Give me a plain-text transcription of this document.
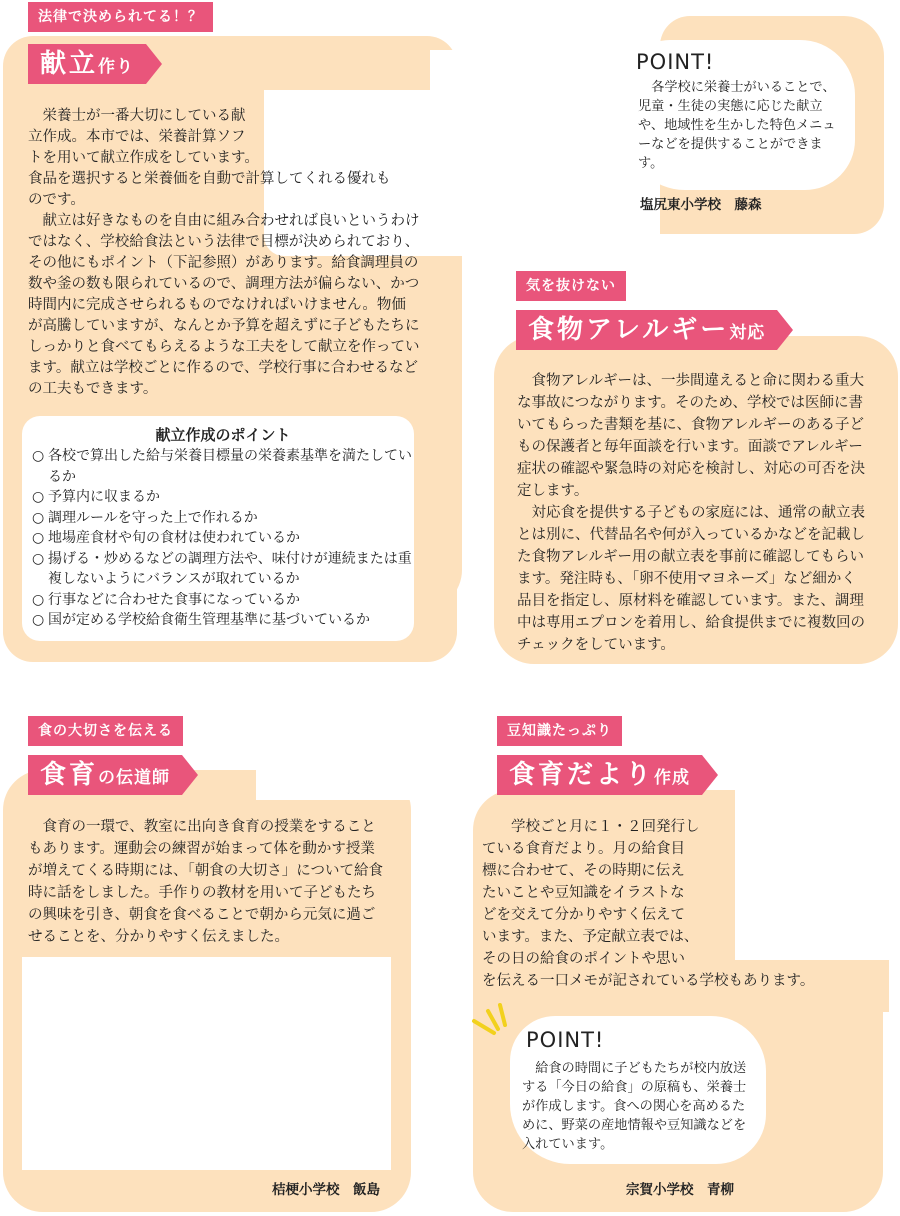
法律で決められてる！？
献立作り
栄養士が一番大切にしている献
立作成。本市では、栄養計算ソフ
トを用いて献立作成をしています。
食品を選択すると栄養価を自動で計算してくれる優れも
のです。

献立は好きなものを自由に組み合わせれば良いというわけではなく、学校給食法という法律で目標が決められており、その他にもポイント（下記参照）があります。給食調理員の数や釜の数も限られているので、調理方法が偏らない、かつ時間内に完成させられるものでなければいけません。物価が高騰していますが、なんとか予算を超えずに子どもたちにしっかりと食べてもらえるような工夫をして献立を作っています。献立は学校ごとに作るので、学校行事に合わせるなどの工夫もできます。

献立作成のポイント
○ 各校で算出した給与栄養目標量の栄養素基準を満たしているか
○ 予算内に収まるか
○ 調理ルールを守った上で作れるか
○ 地場産食材や旬の食材は使われているか
○ 揚げる・炒めるなどの調理方法や、味付けが連続または重複しないようにバランスが取れているか
○ 行事などに合わせた食事になっているか
○ 国が定める学校給食衛生管理基準に基づいているか
POINT!

各学校に栄養士がいることで、児童・生徒の実態に応じた献立や、地域性を生かした特色メニューなどを提供することができます。

塩尻東小学校　藤森
気を抜けない
食物アレルギー対応

食物アレルギーは、一歩間違えると命に関わる重大な事故につながります。そのため、学校では医師に書いてもらった書類を基に、食物アレルギーのある子どもの保護者と毎年面談を行います。面談でアレルギー症状の確認や緊急時の対応を検討し、対応の可否を決定します。

対応食を提供する子どもの家庭には、通常の献立表とは別に、代替品名や何が入っているかなどを記載した食物アレルギー用の献立表を事前に確認してもらいます。発注時も、「卵不使用マヨネーズ」など細かく品目を指定し、原材料を確認しています。また、調理中は専用エプロンを着用し、給食提供までに複数回のチェックをしています。

食の大切さを伝える
食育の伝道師

食育の一環で、教室に出向き食育の授業をすることもあります。運動会の練習が始まって体を動かす授業が増えてくる時期には、「朝食の大切さ」について給食時に話をしました。手作りの教材を用いて子どもたちの興味を引き、朝食を食べることで朝から元気に過ごせることを、分かりやすく伝えました。

桔梗小学校　飯島
豆知識たっぷり
食育だより作成
学校ごと月に１・２回発行し
ている食育だより。月の給食目
標に合わせて、その時期に伝え
たいことや豆知識をイラストな
どを交えて分かりやすく伝えて
います。また、予定献立表では、
その日の給食のポイントや思い
を伝える一口メモが記されている学校もあります。
POINT!

給食の時間に子どもたちが校内放送する「今日の給食」の原稿も、栄養士が作成します。食への関心を高めるために、野菜の産地情報や豆知識などを入れています。

宗賀小学校　青柳
